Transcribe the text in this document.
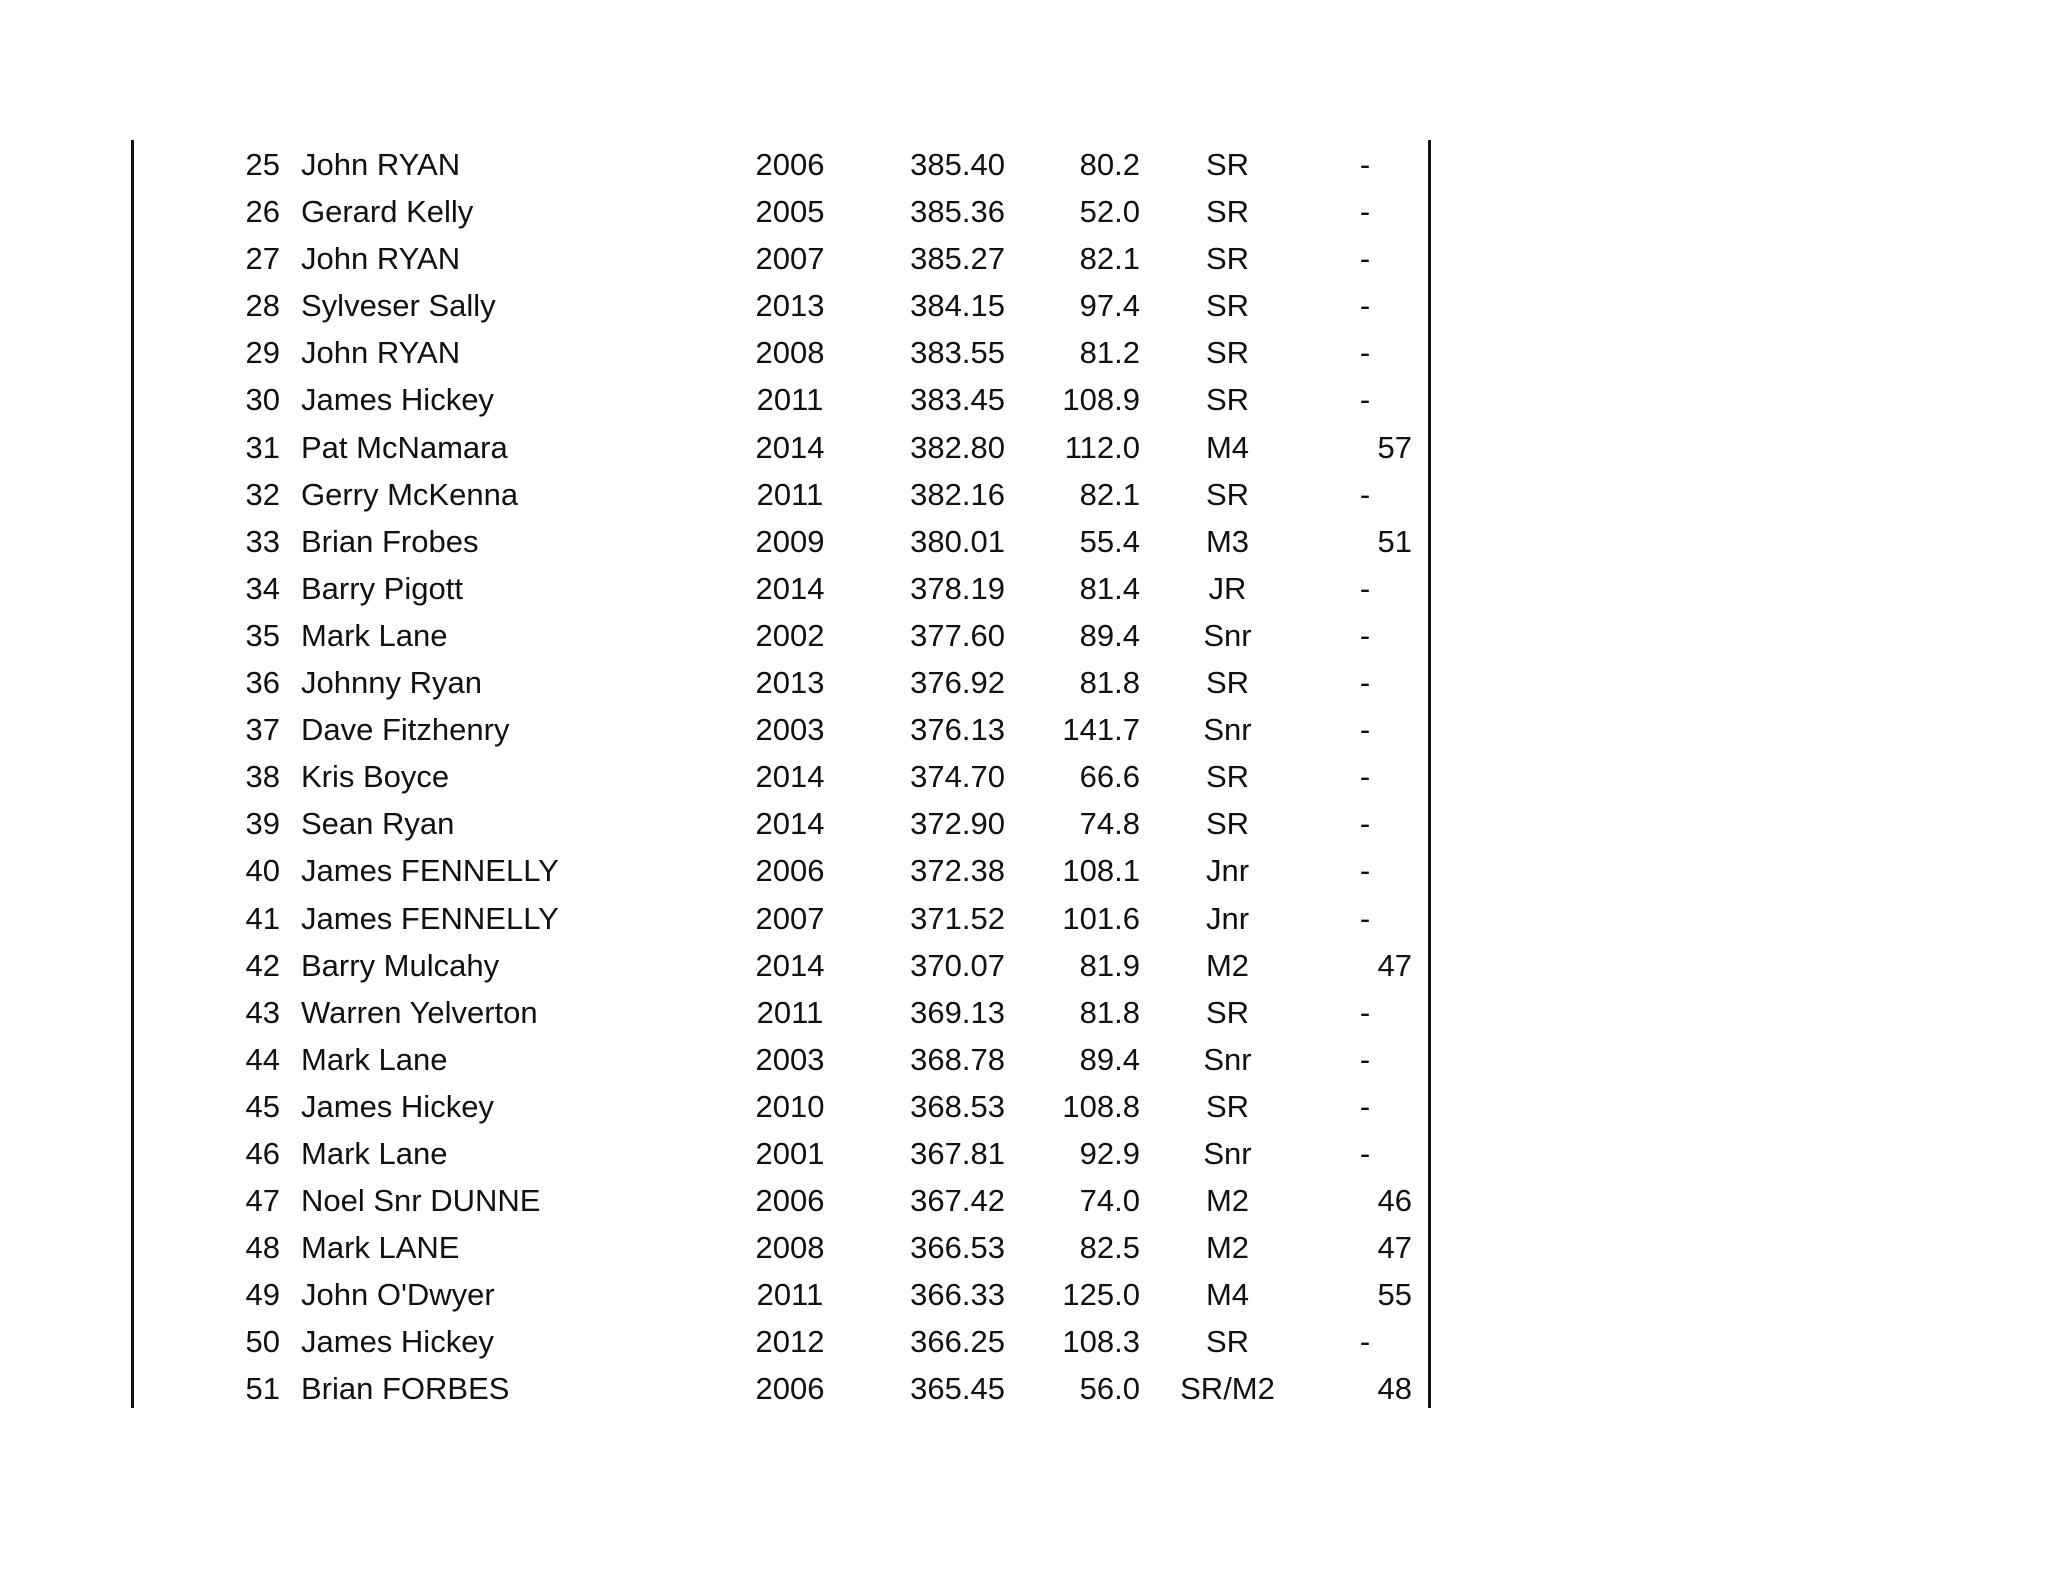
25 John RYAN	2006	385.40	80.2	SR	-
26 Gerard Kelly	2005	385.36	52.0	SR	-
27 John RYAN	2007	385.27	82.1	SR	-
28 Sylveser Sally	2013	384.15	97.4	SR	-
29 John RYAN	2008	383.55	81.2	SR	-
30 James Hickey	2011	383.45	108.9	SR	-
31 Pat McNamara	2014	382.80	112.0	M4	57
32 Gerry McKenna	2011	382.16	82.1	SR	-
33 Brian Frobes	2009	380.01	55.4	M3	51
34 Barry Pigott	2014	378.19	81.4	JR	-
35 Mark Lane	2002	377.60	89.4	Snr	-
36 Johnny Ryan	2013	376.92	81.8	SR	-
37 Dave Fitzhenry	2003	376.13	141.7	Snr	-
38 Kris Boyce	2014	374.70	66.6	SR	-
39 Sean Ryan	2014	372.90	74.8	SR	-
40 James FENNELLY	2006	372.38	108.1	Jnr	-
41 James FENNELLY	2007	371.52	101.6	Jnr	-
42 Barry Mulcahy	2014	370.07	81.9	M2	47
43 Warren Yelverton	2011	369.13	81.8	SR	-
44 Mark Lane	2003	368.78	89.4	Snr	-
45 James Hickey	2010	368.53	108.8	SR	-
46 Mark Lane	2001	367.81	92.9	Snr	-
47 Noel Snr DUNNE	2006	367.42	74.0	M2	46
48 Mark LANE	2008	366.53	82.5	M2	47
49 John O'Dwyer	2011	366.33	125.0	M4	55
50 James Hickey	2012	366.25	108.3	SR	-
51 Brian FORBES	2006	365.45	56.0	SR/M2	48
